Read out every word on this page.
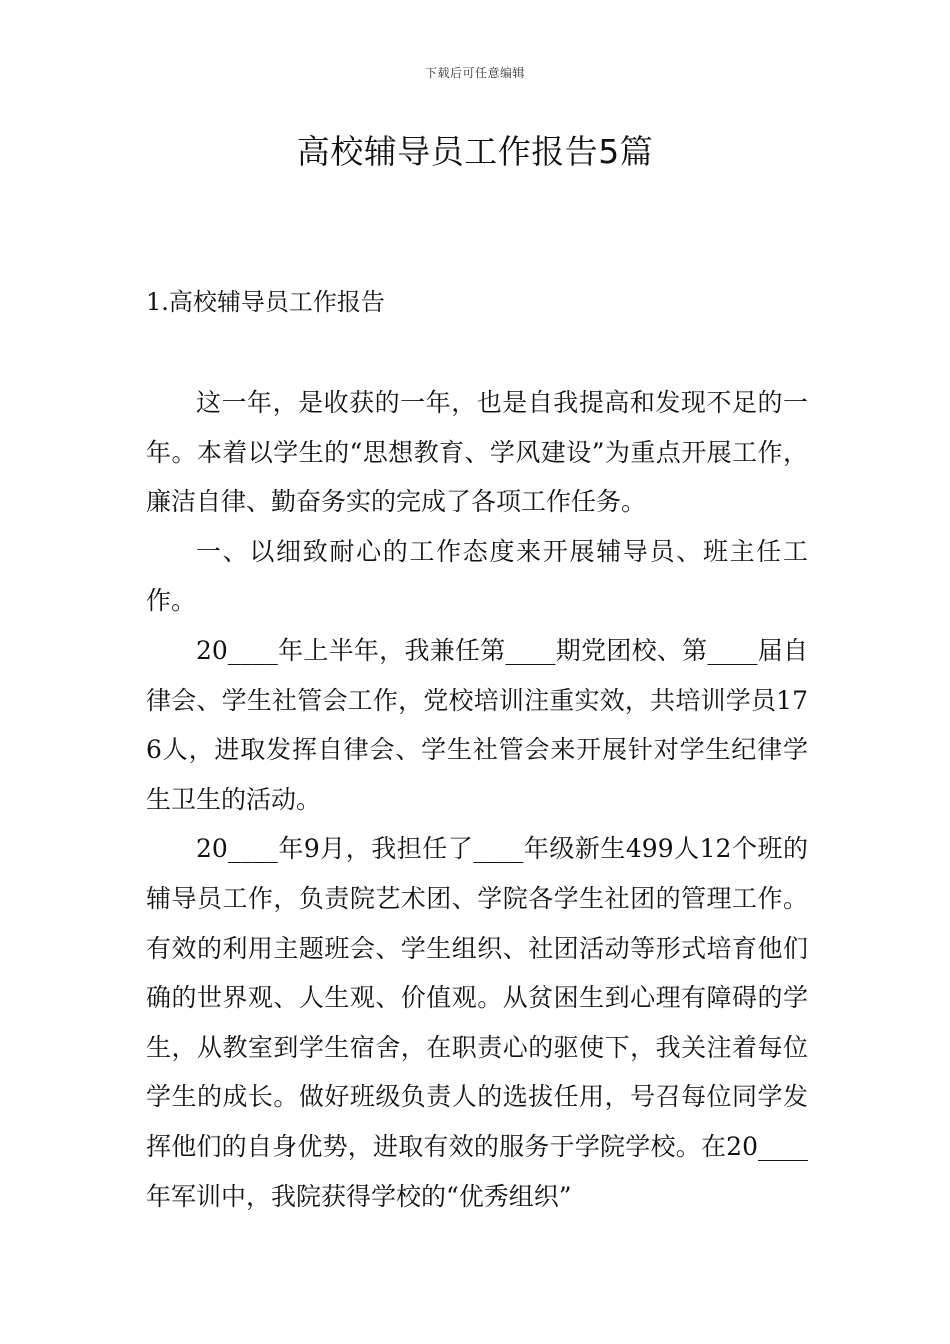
下载后可任意编辑
高校辅导员工作报告5篇
1.高校辅导员工作报告

这一年，是收获的一年，也是自我提高和发现不足的一年。本着以学生的“思想教育、学风建设”为重点开展工作，廉洁自律、勤奋务实的完成了各项工作任务。

一、以细致耐心的工作态度来开展辅导员、班主任工作。

20____年上半年，我兼任第____期党团校、第____届自律会、学生社管会工作，党校培训注重实效，共培训学员176人，进取发挥自律会、学生社管会来开展针对学生纪律学生卫生的活动。

20____年9月，我担任了____年级新生499人12个班的辅导员工作，负责院艺术团、学院各学生社团的管理工作。有效的利用主题班会、学生组织、社团活动等形式培育他们确的世界观、人生观、价值观。从贫困生到心理有障碍的学生，从教室到学生宿舍，在职责心的驱使下，我关注着每位学生的成长。做好班级负责人的选拔任用，号召每位同学发挥他们的自身优势，进取有效的服务于学院学校。在20____年军训中，我院获得学校的“优秀组织”
